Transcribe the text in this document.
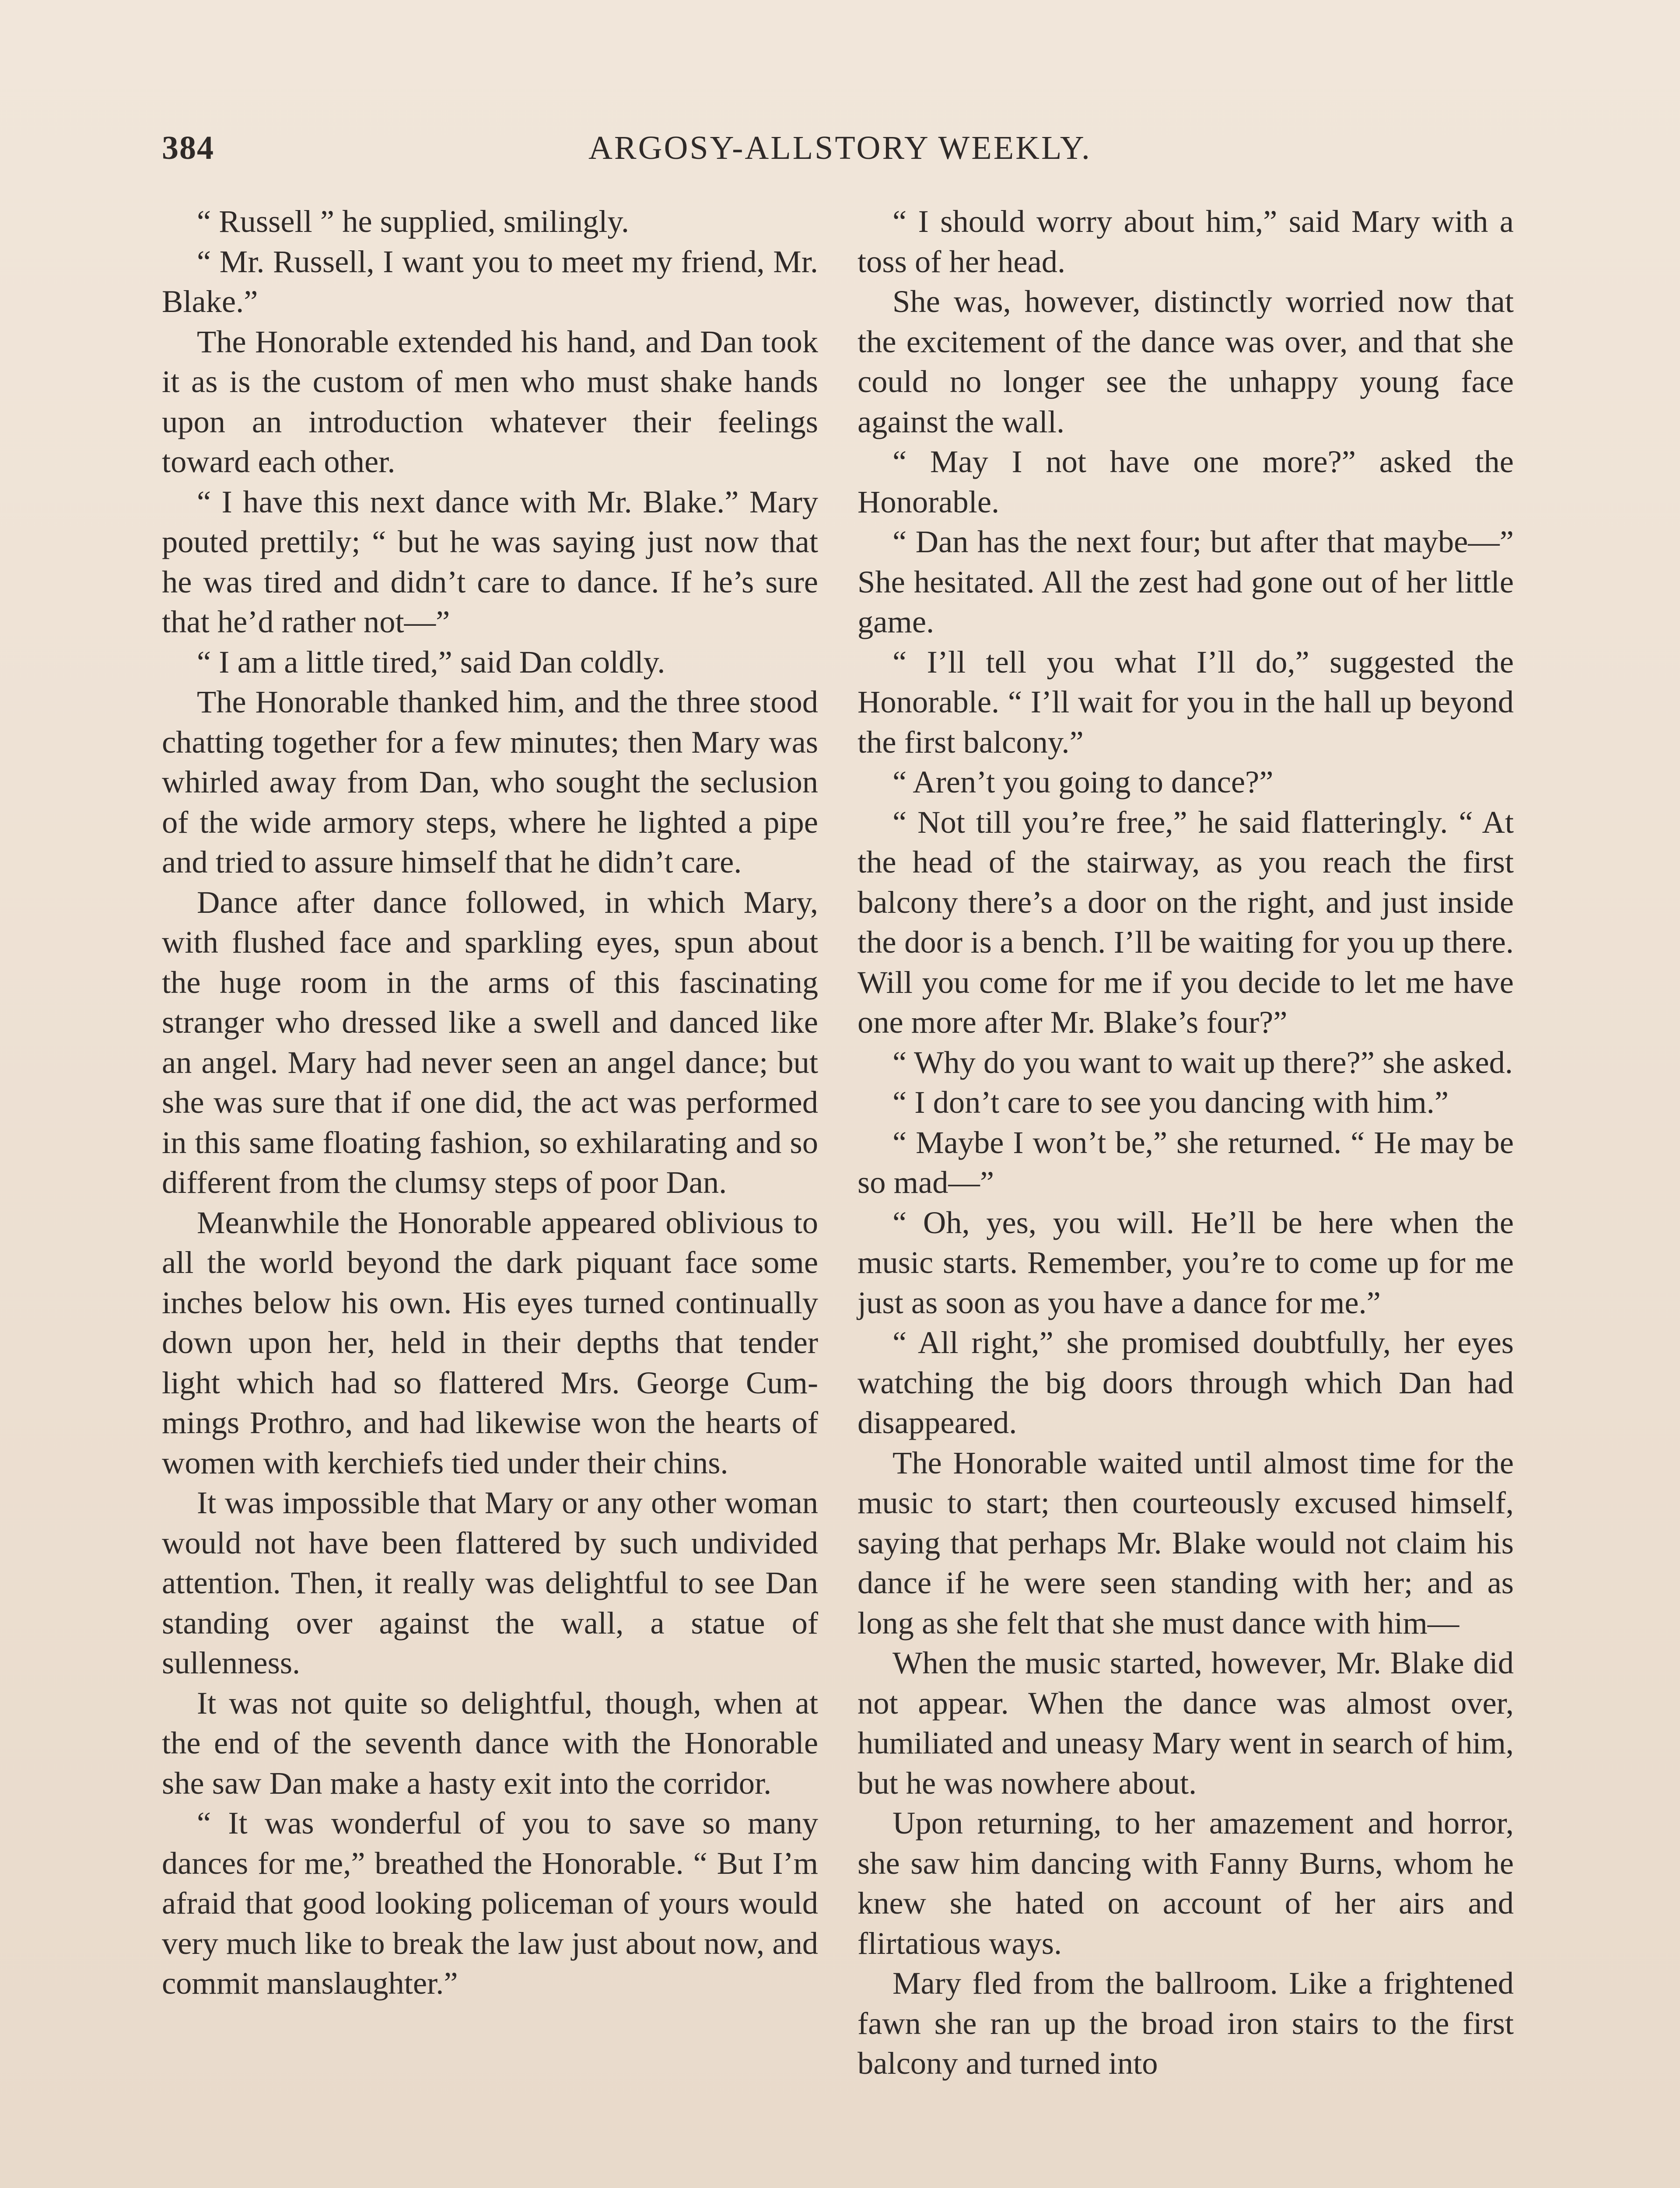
384	ARGOSY-ALLSTORY WEEKLY.

“ Russell ” he supplied, smilingly.

“ Mr. Russell, I want you to meet my friend, Mr. Blake.”

The Honorable extended his hand, and Dan took it as is the custom of men who must shake hands upon an introduction whatever their feelings toward each other.

“ I have this next dance with Mr. Blake.” Mary pouted prettily; “ but he was saying just now that he was tired and didn’t care to dance. If he’s sure that he’d rather not—”

“ I am a little tired,” said Dan coldly.

The Honorable thanked him, and the three stood chatting together for a few minutes; then Mary was whirled away from Dan, who sought the seclusion of the wide armory steps, where he lighted a pipe and tried to assure himself that he didn’t care.

Dance after dance followed, in which Mary, with flushed face and sparkling eyes, spun about the huge room in the arms of this fascinating stranger who dressed like a swell and danced like an angel. Mary had never seen an angel dance; but she was sure that if one did, the act was performed in this same floating fashion, so exhilarating and so different from the clumsy steps of poor Dan.

Meanwhile the Honorable appeared oblivious to all the world beyond the dark piquant face some inches below his own. His eyes turned continually down upon her, held in their depths that tender light which had so flattered Mrs. George Cummings Prothro, and had likewise won the hearts of women with kerchiefs tied under their chins.

It was impossible that Mary or any other woman would not have been flattered by such undivided attention. Then, it really was delightful to see Dan standing over against the wall, a statue of sullenness.

It was not quite so delightful, though, when at the end of the seventh dance with the Honorable she saw Dan make a hasty exit into the corridor.

“ It was wonderful of you to save so many dances for me,” breathed the Honorable. “ But I’m afraid that good looking policeman of yours would very much like to break the law just about now, and commit manslaughter.”

“ I should worry about him,” said Mary with a toss of her head.

She was, however, distinctly worried now that the excitement of the dance was over, and that she could no longer see the unhappy young face against the wall.

“ May I not have one more?” asked the Honorable.

“ Dan has the next four; but after that maybe—” She hesitated. All the zest had gone out of her little game.

“ I’ll tell you what I’ll do,” suggested the Honorable. “ I’ll wait for you in the hall up beyond the first balcony.”

“ Aren’t you going to dance?”

“ Not till you’re free,” he said flatteringly. “ At the head of the stairway, as you reach the first balcony there’s a door on the right, and just inside the door is a bench. I’ll be waiting for you up there. Will you come for me if you decide to let me have one more after Mr. Blake’s four?”

“ Why do you want to wait up there?” she asked.

“ I don’t care to see you dancing with him.”

“ Maybe I won’t be,” she returned. “ He may be so mad—”

“ Oh, yes, you will. He’ll be here when the music starts. Remember, you’re to come up for me just as soon as you have a dance for me.”

“ All right,” she promised doubtfully, her eyes watching the big doors through which Dan had disappeared.

The Honorable waited until almost time for the music to start; then courteously excused himself, saying that perhaps Mr. Blake would not claim his dance if he were seen standing with her; and as long as she felt that she must dance with him—

When the music started, however, Mr. Blake did not appear. When the dance was almost over, humiliated and uneasy Mary went in search of him, but he was nowhere about.

Upon returning, to her amazement and horror, she saw him dancing with Fanny Burns, whom he knew she hated on account of her airs and flirtatious ways.

Mary fled from the ballroom. Like a frightened fawn she ran up the broad iron stairs to the first balcony and turned into
